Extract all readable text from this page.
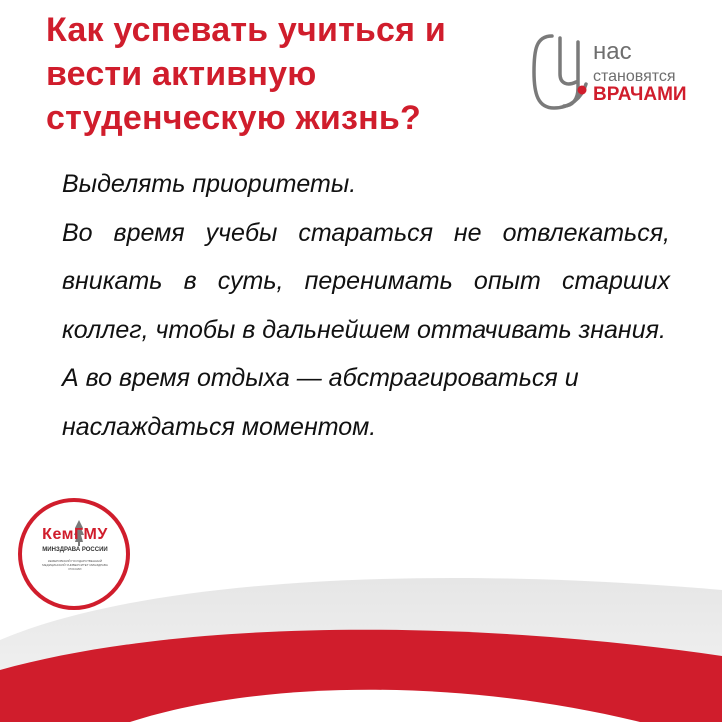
Как успевать учиться и
вести активную
студенческую жизнь?
нас
становятся
ВРАЧАМИ

Выделять приоритеты.

Во время учебы стараться не отвлекаться, вникать в суть, перенимать опыт старших коллег, чтобы в дальнейшем оттачивать знания.

А во время отдыха — абстрагироваться и наслаждаться моментом.

КемГМУ
МИНЗДРАВА РОССИИ
КЕМЕРОВСКИЙ ГОСУДАРСТВЕННЫЙ МЕДИЦИНСКИЙ УНИВЕРСИТЕТ МИНЗДРАВА РОССИИ
